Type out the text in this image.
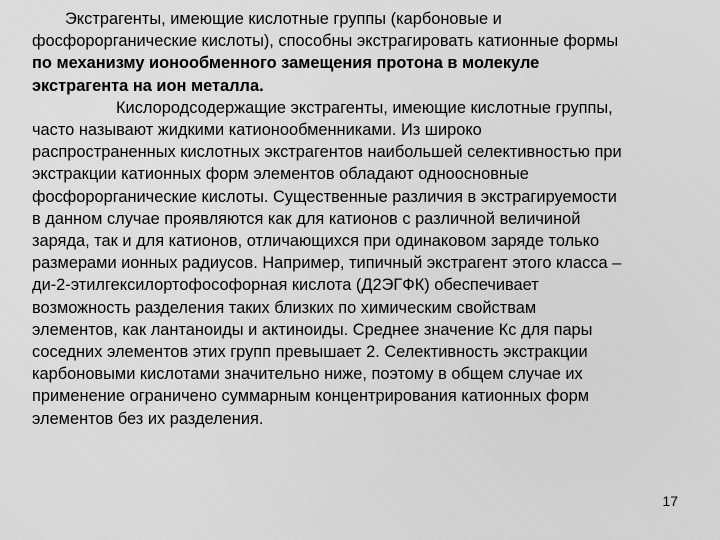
Экстрагенты, имеющие кислотные группы (карбоновые и
фосфорорганические кислоты), способны экстрагировать катионные формы
по механизму ионообменного замещения протона в молекуле
экстрагента на ион металла.
Кислородсодержащие экстрагенты, имеющие кислотные группы,
часто называют жидкими катионообменниками. Из широко
распространенных кислотных экстрагентов наибольшей селективностью при
экстракции катионных форм элементов обладают одноосновные
фосфорорганические кислоты. Существенные различия в экстрагируемости
в данном случае проявляются как для катионов с различной величиной
заряда, так и для катионов, отличающихся при одинаковом заряде только
размерами ионных радиусов. Например, типичный экстрагент этого класса –
ди-2-этилгексилортофософорная кислота (Д2ЭГФК) обеспечивает
возможность разделения таких близких по химическим свойствам
элементов, как лантаноиды и актиноиды. Среднее значение Кс для пары
соседних элементов этих групп превышает 2. Селективность экстракции
карбоновыми кислотами значительно ниже, поэтому в общем случае их
применение ограничено суммарным концентрирования катионных форм
элементов без их разделения.
17
